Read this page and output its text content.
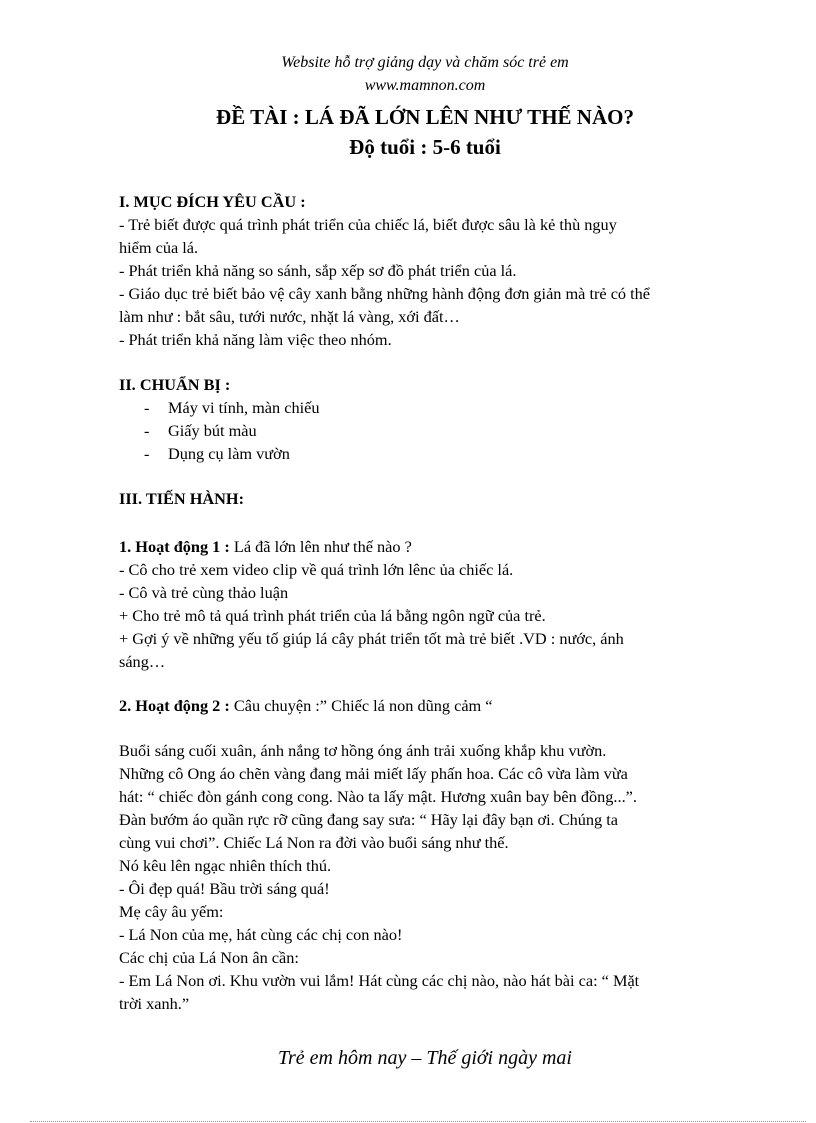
Website hỗ trợ giảng dạy và chăm sóc trẻ em
www.mamnon.com
ĐỀ TÀI : LÁ ĐÃ LỚN LÊN NHƯ THẾ NÀO?
Độ tuổi : 5-6 tuổi
I. MỤC ĐÍCH YÊU CẦU :
- Trẻ biết được quá trình phát triển của chiếc lá, biết được sâu là kẻ thù nguy
hiểm của lá.
- Phát triển khả năng so sánh, sắp xếp sơ đồ phát triển của lá.
- Giáo dục trẻ biết bảo vệ cây xanh bằng những hành động đơn giản mà trẻ có thể
làm như : bắt sâu, tưới nước, nhặt lá vàng, xới đất…
- Phát triển khả năng làm việc theo nhóm.
II. CHUẨN BỊ :
- Máy vi tính, màn chiếu
- Giấy bút màu
- Dụng cụ làm vườn
III. TIẾN HÀNH:
1. Hoạt động 1 : Lá đã lớn lên như thế nào ?
- Cô cho trẻ xem video clip về quá trình lớn lênc ủa chiếc lá.
- Cô và trẻ cùng thảo luận
+ Cho trẻ mô tả quá trình phát triển của lá bằng ngôn ngữ của trẻ.
+ Gợi ý về những yếu tố giúp lá cây phát triển tốt mà trẻ biết .VD : nước, ánh
sáng…
2. Hoạt động 2 : Câu chuyện :” Chiếc lá non dũng cảm “
Buổi sáng cuối xuân, ánh nắng tơ hồng óng ánh trải xuống khắp khu vườn.
Những cô Ong áo chẽn vàng đang mải miết lấy phấn hoa. Các cô vừa làm vừa
hát: “ chiếc đòn gánh cong cong. Nào ta lấy mật. Hương xuân bay bên đồng...”.
Đàn bướm áo quần rực rỡ cũng đang say sưa: “ Hãy lại đây bạn ơi. Chúng ta
cùng vui chơi”. Chiếc Lá Non ra đời vào buổi sáng như thế.
Nó kêu lên ngạc nhiên thích thú.
- Ôi đẹp quá! Bầu trời sáng quá!
Mẹ cây âu yếm:
- Lá Non của mẹ, hát cùng các chị con nào!
Các chị của Lá Non ân cần:
- Em Lá Non ơi. Khu vườn vui lắm! Hát cùng các chị nào, nào hát bài ca: “ Mặt
trời xanh.”
Trẻ em hôm nay – Thế giới ngày mai
